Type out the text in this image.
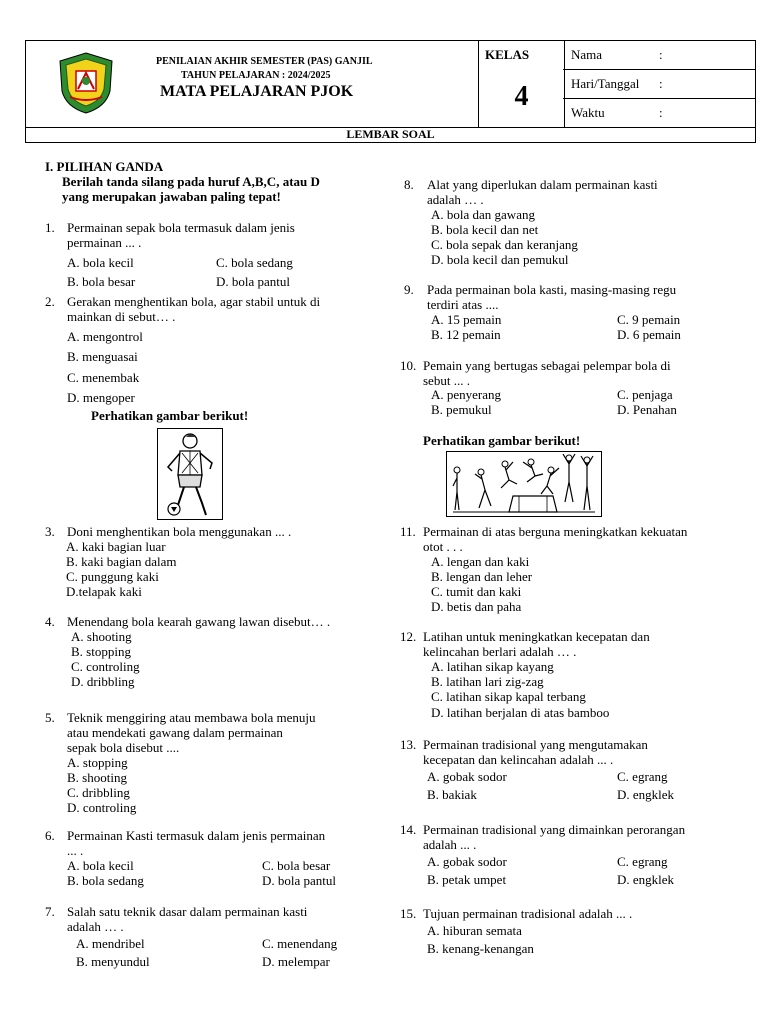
PENILAIAN AKHIR SEMESTER (PAS) GANJIL
TAHUN PELAJARAN : 2024/2025
MATA PELAJARAN PJOK
KELAS
4
Nama	:
Hari/Tanggal :
Waktu	:
LEMBAR SOAL
I. PILIHAN GANDA
Berilah tanda silang pada huruf A,B,C, atau D
yang merupakan jawaban paling tepat!
1. Permainan sepak bola termasuk dalam jenis
permainan ... .
A. bola kecil	C. bola sedang
B. bola besar	D. bola pantul
2. Gerakan menghentikan bola, agar stabil untuk di
mainkan di sebut… .
A. mengontrol
B. menguasai
C. menembak
D. mengoper
Perhatikan gambar berikut!
3. Doni menghentikan bola menggunakan ... .
A. kaki bagian luar
B. kaki bagian dalam
C. punggung kaki
D.telapak kaki
4. Menendang bola kearah gawang lawan disebut… .
A. shooting
B. stopping
C. controling
D. dribbling
5. Teknik menggiring atau membawa bola menuju
atau mendekati gawang dalam permainan
sepak bola disebut ....
A. stopping
B. shooting
C. dribbling
D. controling
6. Permainan Kasti termasuk dalam jenis permainan
... .
A. bola kecil	C. bola besar
B. bola sedang	D. bola pantul
7. Salah satu teknik dasar dalam permainan kasti
adalah … .
A. mendribel	C. menendang
B. menyundul	D. melempar
8. Alat yang diperlukan dalam permainan kasti
adalah … .
A. bola dan gawang
B. bola kecil dan net
C. bola sepak dan keranjang
D. bola kecil dan pemukul
9. Pada permainan bola kasti, masing-masing regu
terdiri atas ....
A. 15 pemain	C. 9 pemain
B. 12 pemain	D. 6 pemain
10. Pemain yang bertugas sebagai pelempar bola di
sebut ... .
A. penyerang	C. penjaga
B. pemukul	D. Penahan
Perhatikan gambar berikut!
11. Permainan di atas berguna meningkatkan kekuatan
otot . . .
A. lengan dan kaki
B. lengan dan leher
C. tumit dan kaki
D. betis dan paha
12. Latihan untuk meningkatkan kecepatan dan
kelincahan berlari adalah … .
A. latihan sikap kayang
B. latihan lari zig-zag
C. latihan sikap kapal terbang
D. latihan berjalan di atas bamboo
13. Permainan tradisional yang mengutamakan
kecepatan dan kelincahan adalah ... .
A. gobak sodor	C. egrang
B. bakiak	D. engklek
14. Permainan tradisional yang dimainkan perorangan
adalah ... .
A. gobak sodor	C. egrang
B. petak umpet	D. engklek
15. Tujuan permainan tradisional adalah ... .
A. hiburan semata
B. kenang-kenangan
